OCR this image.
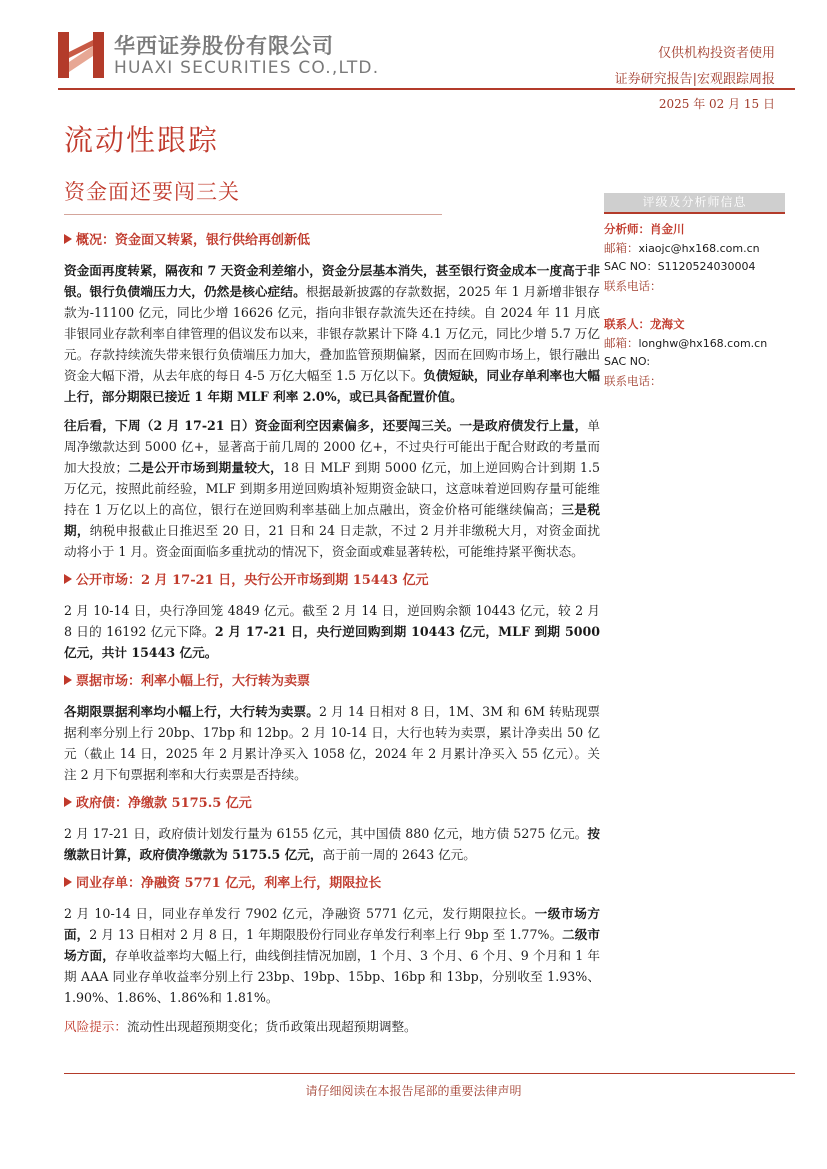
华西证券股份有限公司
HUAXI SECURITIES CO.,LTD.
仅供机构投资者使用
证券研究报告|宏观跟踪周报
2025 年 02 月 15 日
流动性跟踪
资金面还要闯三关
概况：资金面又转紧，银行供给再创新低
资金面再度转紧，隔夜和 7 天资金利差缩小，资金分层基本消失，甚至银行资金成本一度高于非银。银行负债端压力大，仍然是核心症结。根据最新披露的存款数据，2025 年 1 月新增非银存款为-11100 亿元，同比少增 16626 亿元，指向非银存款流失还在持续。自 2024 年 11 月底非银同业存款利率自律管理的倡议发布以来，非银存款累计下降 4.1 万亿元，同比少增 5.7 万亿元。存款持续流失带来银行负债端压力加大，叠加监管预期偏紧，因而在回购市场上，银行融出资金大幅下滑，从去年底的每日 4-5 万亿大幅至 1.5 万亿以下。负债短缺，同业存单利率也大幅上行，部分期限已接近 1 年期 MLF 利率 2.0%，或已具备配置价值。
往后看，下周（2 月 17-21 日）资金面利空因素偏多，还要闯三关。一是政府债发行上量，单周净缴款达到 5000 亿+，显著高于前几周的 2000 亿+，不过央行可能出于配合财政的考量而加大投放；二是公开市场到期量较大，18 日 MLF 到期 5000 亿元，加上逆回购合计到期 1.5 万亿元，按照此前经验，MLF 到期多用逆回购填补短期资金缺口，这意味着逆回购存量可能维持在 1 万亿以上的高位，银行在逆回购利率基础上加点融出，资金价格可能继续偏高；三是税期，纳税申报截止日推迟至 20 日，21 日和 24 日走款，不过 2 月并非缴税大月，对资金面扰动将小于 1 月。资金面面临多重扰动的情况下，资金面或难显著转松，可能维持紧平衡状态。
公开市场：2 月 17-21 日，央行公开市场到期 15443 亿元
2 月 10-14 日，央行净回笼 4849 亿元。截至 2 月 14 日，逆回购余额 10443 亿元，较 2 月 8 日的 16192 亿元下降。2 月 17-21 日，央行逆回购到期 10443 亿元，MLF 到期 5000 亿元，共计 15443 亿元。
票据市场：利率小幅上行，大行转为卖票
各期限票据利率均小幅上行，大行转为卖票。2 月 14 日相对 8 日，1M、3M 和 6M 转贴现票据利率分别上行 20bp、17bp 和 12bp。2 月 10-14 日，大行也转为卖票，累计净卖出 50 亿元（截止 14 日，2025 年 2 月累计净买入 1058 亿，2024 年 2 月累计净买入 55 亿元）。关注 2 月下旬票据利率和大行卖票是否持续。
政府债：净缴款 5175.5 亿元
2 月 17-21 日，政府债计划发行量为 6155 亿元，其中国债 880 亿元，地方债 5275 亿元。按缴款日计算，政府债净缴款为 5175.5 亿元，高于前一周的 2643 亿元。
同业存单：净融资 5771 亿元，利率上行，期限拉长
2 月 10-14 日，同业存单发行 7902 亿元，净融资 5771 亿元，发行期限拉长。一级市场方面，2 月 13 日相对 2 月 8 日，1 年期限股份行同业存单发行利率上行 9bp 至 1.77%。二级市场方面，存单收益率均大幅上行，曲线倒挂情况加剧，1 个月、3 个月、6 个月、9 个月和 1 年期 AAA 同业存单收益率分别上行 23bp、19bp、15bp、16bp 和 13bp，分别收至 1.93%、1.90%、1.86%、1.86%和 1.81%。
风险提示：流动性出现超预期变化；货币政策出现超预期调整。
评级及分析师信息
分析师：肖金川
邮箱：xiaojc@hx168.com.cn
SAC NO：S1120524030004
联系电话：
联系人：龙海文
邮箱：longhw@hx168.com.cn
SAC NO:
联系电话：
请仔细阅读在本报告尾部的重要法律声明
